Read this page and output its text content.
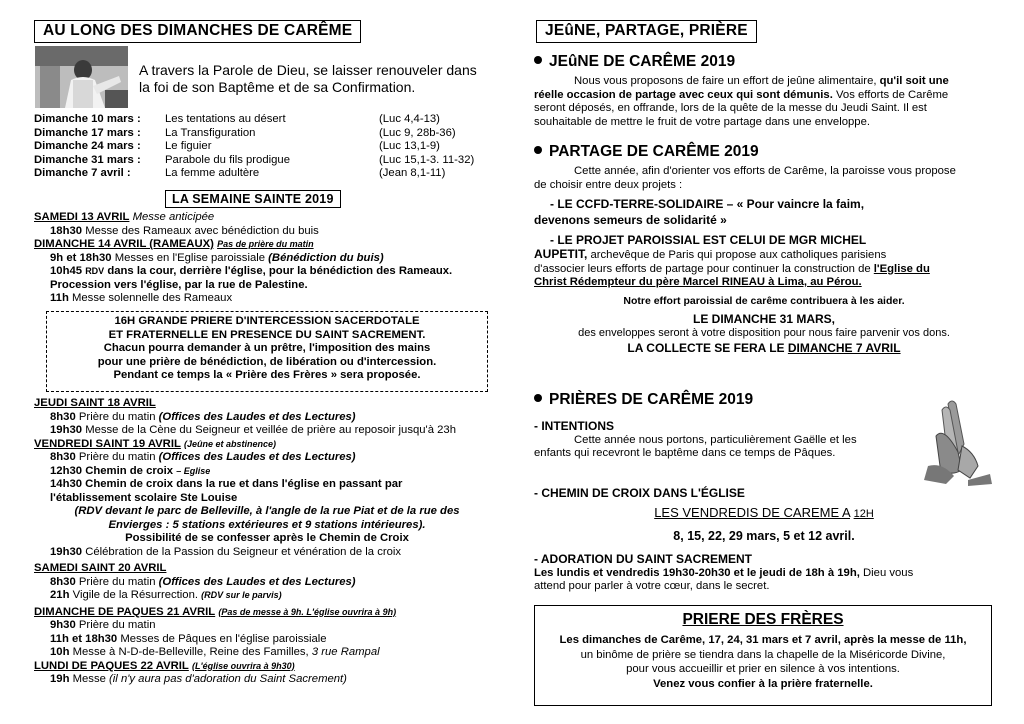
AU LONG DES DIMANCHES DE CARÊME
A travers la Parole de Dieu, se laisser renouveler dans
la foi de son Baptême et de sa Confirmation.
Dimanche 10 mars : Les tentations au désert	(Luc 4,4-13)
Dimanche 17 mars : La Transfiguration	(Luc 9, 28b-36)
Dimanche 24 mars : Le figuier	(Luc 13,1-9)
Dimanche 31 mars : Parabole du fils prodigue	(Luc 15,1-3. 11-32)
Dimanche 7 avril :	La femme adultère	(Jean 8,1-11)
LA SEMAINE SAINTE 2019
SAMEDI 13 AVRIL Messe anticipée
18h30 Messe des Rameaux avec bénédiction du buis
DIMANCHE 14 AVRIL (RAMEAUX) Pas de prière du matin
9h et 18h30 Messes en l'Eglise paroissiale (Bénédiction du buis)
10h45 RDV dans la cour, derrière l'église, pour la bénédiction des Rameaux.
Procession vers l'église, par la rue de Palestine.
11h Messe solennelle des Rameaux
16H GRANDE PRIERE D'INTERCESSION SACERDOTALE
ET FRATERNELLE EN PRESENCE DU SAINT SACREMENT.
Chacun pourra demander à un prêtre, l'imposition des mains
pour une prière de bénédiction, de libération ou d'intercession.
Pendant ce temps la « Prière des Frères » sera proposée.
JEUDI SAINT 18 AVRIL
8h30 Prière du matin (Offices des Laudes et des Lectures)
19h30 Messe de la Cène du Seigneur et veillée de prière au reposoir jusqu'à 23h
VENDREDI SAINT 19 AVRIL (Jeûne et abstinence)
8h30 Prière du matin (Offices des Laudes et des Lectures)
12h30 Chemin de croix – Eglise
14h30 Chemin de croix dans la rue et dans l'église en passant par
l'établissement scolaire Ste Louise
(RDV devant le parc de Belleville, à l'angle de la rue Piat et de la rue des
Envierges : 5 stations extérieures et 9 stations intérieures).
Possibilité de se confesser après le Chemin de Croix
19h30 Célébration de la Passion du Seigneur et vénération de la croix
SAMEDI SAINT 20 AVRIL
8h30 Prière du matin (Offices des Laudes et des Lectures)
21h Vigile de la Résurrection. (RDV sur le parvis)
DIMANCHE DE PAQUES 21 AVRIL (Pas de messe à 9h. L'église ouvrira à 9h)
9h30 Prière du matin
11h et 18h30 Messes de Pâques en l'église paroissiale
10h Messe à N-D-de-Belleville, Reine des Familles, 3 rue Rampal
LUNDI DE PAQUES 22 AVRIL (L'église ouvrira à 9h30)
19h Messe (il n'y aura pas d'adoration du Saint Sacrement)
JEûNE, PARTAGE, PRIÈRE
JEûNE DE CARÊME 2019
Nous vous proposons de faire un effort de jeûne alimentaire, qu'il soit une
réelle occasion de partage avec ceux qui sont démunis. Vos efforts de Carême
seront déposés, en offrande, lors de la quête de la messe du Jeudi Saint. Il est
souhaitable de mettre le fruit de votre partage dans une enveloppe.
PARTAGE DE CARÊME 2019
Cette année, afin d'orienter vos efforts de Carême, la paroisse vous propose
de choisir entre deux projets :
- LE CCFD-TERRE-SOLIDAIRE – « Pour vaincre la faim,
devenons semeurs de solidarité »
- LE PROJET PAROISSIAL EST CELUI DE MGR MICHEL
AUPETIT, archevêque de Paris qui propose aux catholiques parisiens
d'associer leurs efforts de partage pour continuer la construction de l'Eglise du
Christ Rédempteur du père Marcel RINEAU à Lima, au Pérou.
Notre effort paroissial de carême contribuera à les aider.
LE DIMANCHE 31 MARS,
des enveloppes seront à votre disposition pour nous faire parvenir vos dons.
LA COLLECTE SE FERA LE DIMANCHE 7 AVRIL
PRIÈRES DE CARÊME 2019
- INTENTIONS
Cette année nous portons, particulièrement Gaëlle et les
enfants qui recevront le baptême dans ce temps de Pâques.
- CHEMIN DE CROIX DANS L'ÉGLISE
LES VENDREDIS DE CAREME A 12H
8, 15, 22, 29 mars, 5 et 12 avril.
- ADORATION DU SAINT SACREMENT
Les lundis et vendredis 19h30-20h30 et le jeudi de 18h à 19h, Dieu vous
attend pour parler à votre cœur, dans le secret.
PRIERE DES FRÈRES
Les dimanches de Carême, 17, 24, 31 mars et 7 avril, après la messe de 11h,
un binôme de prière se tiendra dans la chapelle de la Miséricorde Divine,
pour vous accueillir et prier en silence à vos intentions.
Venez vous confier à la prière fraternelle.
